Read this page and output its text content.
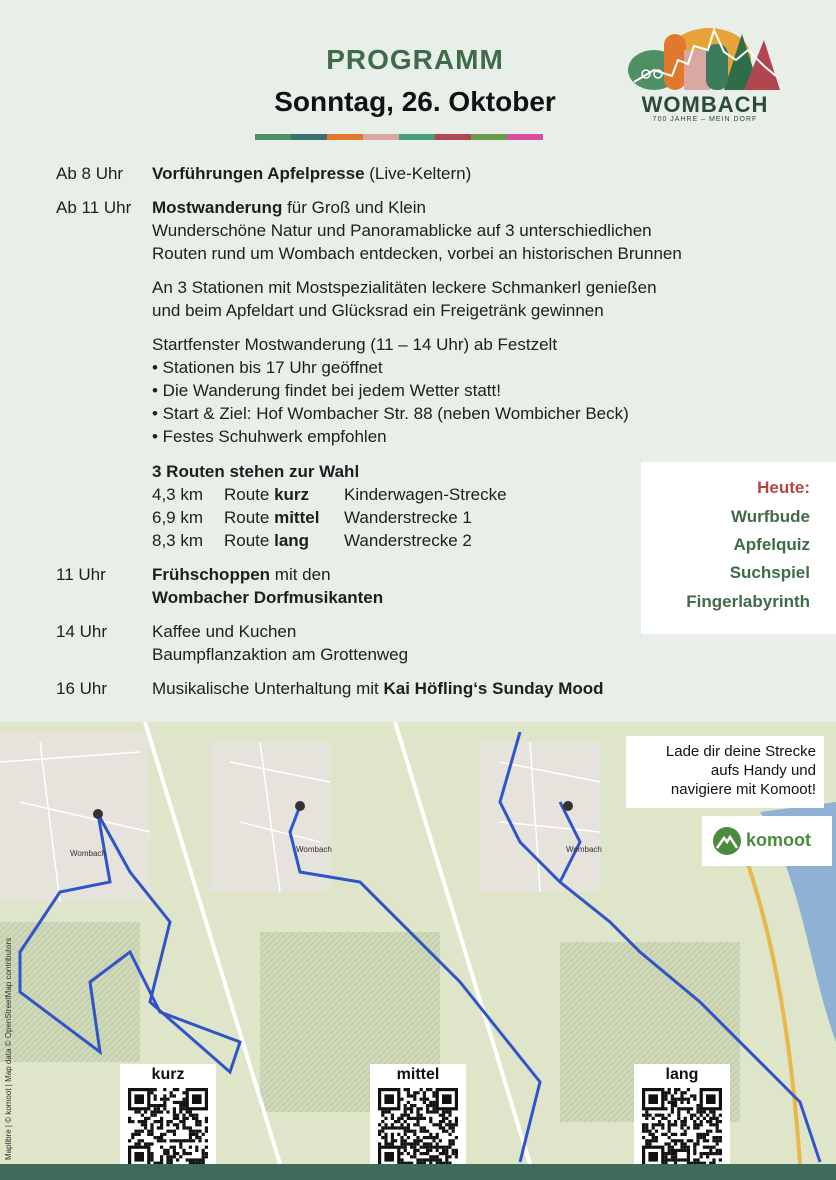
PROGRAMM
Sonntag, 26. Oktober	WOMBACH
700 JAHRE – MEIN DORF
Ab 8 Uhr	Vorführungen Apfelpresse (Live-Keltern)
Ab 11 Uhr	Mostwanderung für Groß und Klein
Wunderschöne Natur und Panoramablicke auf 3 unterschiedlichen
Routen rund um Wombach entdecken, vorbei an historischen Brunnen
An 3 Stationen mit Mostspezialitäten leckere Schmankerl genießen
und beim Apfeldart und Glücksrad ein Freigetränk gewinnen
Startfenster Mostwanderung (11 – 14 Uhr) ab Festzelt
• Stationen bis 17 Uhr geöffnet
• Die Wanderung findet bei jedem Wetter statt!
• Start & Ziel: Hof Wombacher Str. 88 (neben Wombicher Beck)
• Festes Schuhwerk empfohlen
3 Routen stehen zur Wahl
4,3 km Route kurz Kinderwagen-Strecke
6,9 km Route mittel Wanderstrecke 1
8,3 km Route lang Wanderstrecke 2
11 Uhr	Frühschoppen mit den
Wombacher Dorfmusikanten
14 Uhr	Kaffee und Kuchen
Baumpflanzaktion am Grottenweg
16 Uhr	Musikalische Unterhaltung mit Kai Höfling‘s Sunday Mood
Heute:
Wurfbude
Apfelquiz
Suchspiel
Fingerlabyrinth
Wombach	Wombach	Wombach
Maplibre | © komoot | Map data © OpenStreetMap contributors
Lade dir deine Strecke
aufs Handy und
navigiere mit Komoot!
komoot
kurz	mittel	lang
